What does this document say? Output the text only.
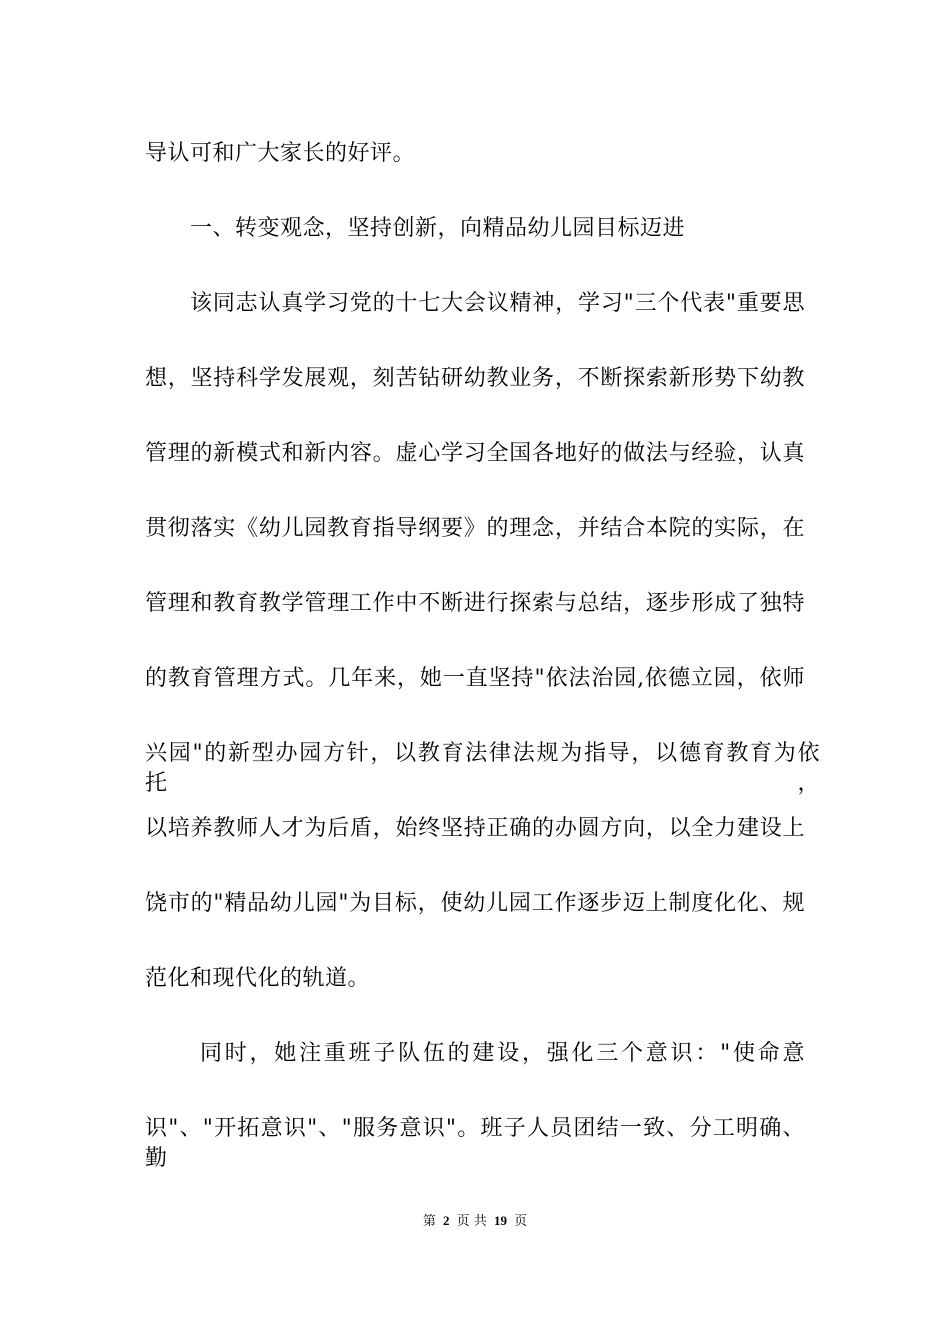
导认可和广大家长的好评。
一、转变观念，坚持创新，向精品幼儿园目标迈进
该同志认真学习党的十七大会议精神，学习"三个代表"重要思
想，坚持科学发展观，刻苦钻研幼教业务，不断探索新形势下幼教
管理的新模式和新内容。虚心学习全国各地好的做法与经验，认真
贯彻落实《幼儿园教育指导纲要》的理念，并结合本院的实际，在
管理和教育教学管理工作中不断进行探索与总结，逐步形成了独特
的教育管理方式。几年来，她一直坚持"依法治园,依德立园，依师
兴园"的新型办园方针，以教育法律法规为指导，以德育教育为依托，
以培养教师人才为后盾，始终坚持正确的办圆方向，以全力建设上
饶市的"精品幼儿园"为目标，使幼儿园工作逐步迈上制度化化、规
范化和现代化的轨道。
同时，她注重班子队伍的建设，强化三个意识："使命意
识"、"开拓意识"、"服务意识"。班子人员团结一致、分工明确、勤
第 2 页 共 19 页
